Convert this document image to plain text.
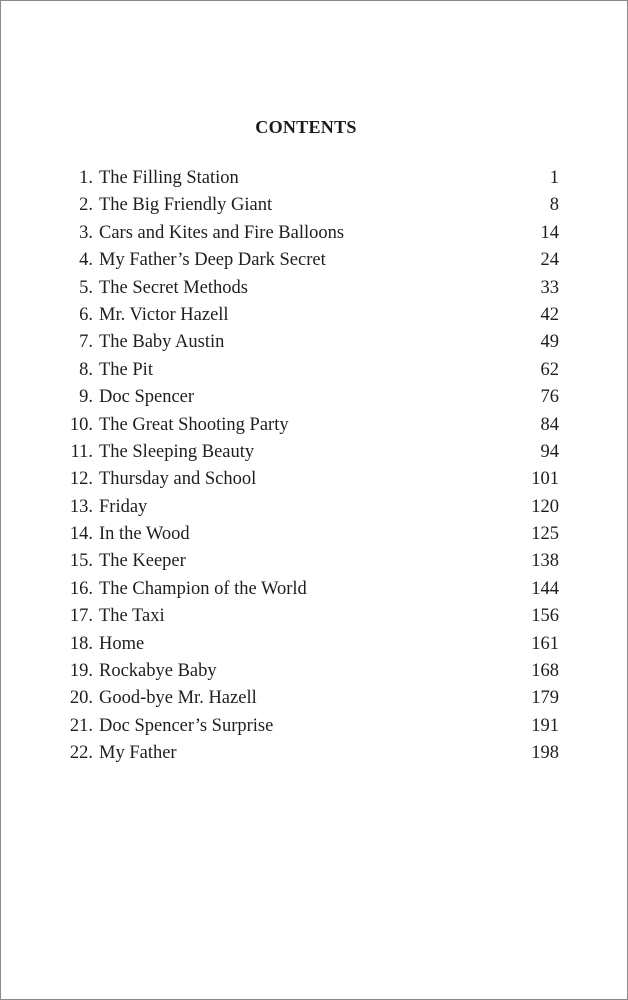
CONTENTS
1. The Filling Station	1
2. The Big Friendly Giant	8
3. Cars and Kites and Fire Balloons	14
4. My Father’s Deep Dark Secret	24
5. The Secret Methods	33
6. Mr. Victor Hazell	42
7. The Baby Austin	49
8. The Pit	62
9. Doc Spencer	76
10. The Great Shooting Party	84
11. The Sleeping Beauty	94
12. Thursday and School	101
13. Friday	120
14. In the Wood	125
15. The Keeper	138
16. The Champion of the World	144
17. The Taxi	156
18. Home	161
19. Rockabye Baby	168
20. Good-bye Mr. Hazell	179
21. Doc Spencer’s Surprise	191
22. My Father	198
